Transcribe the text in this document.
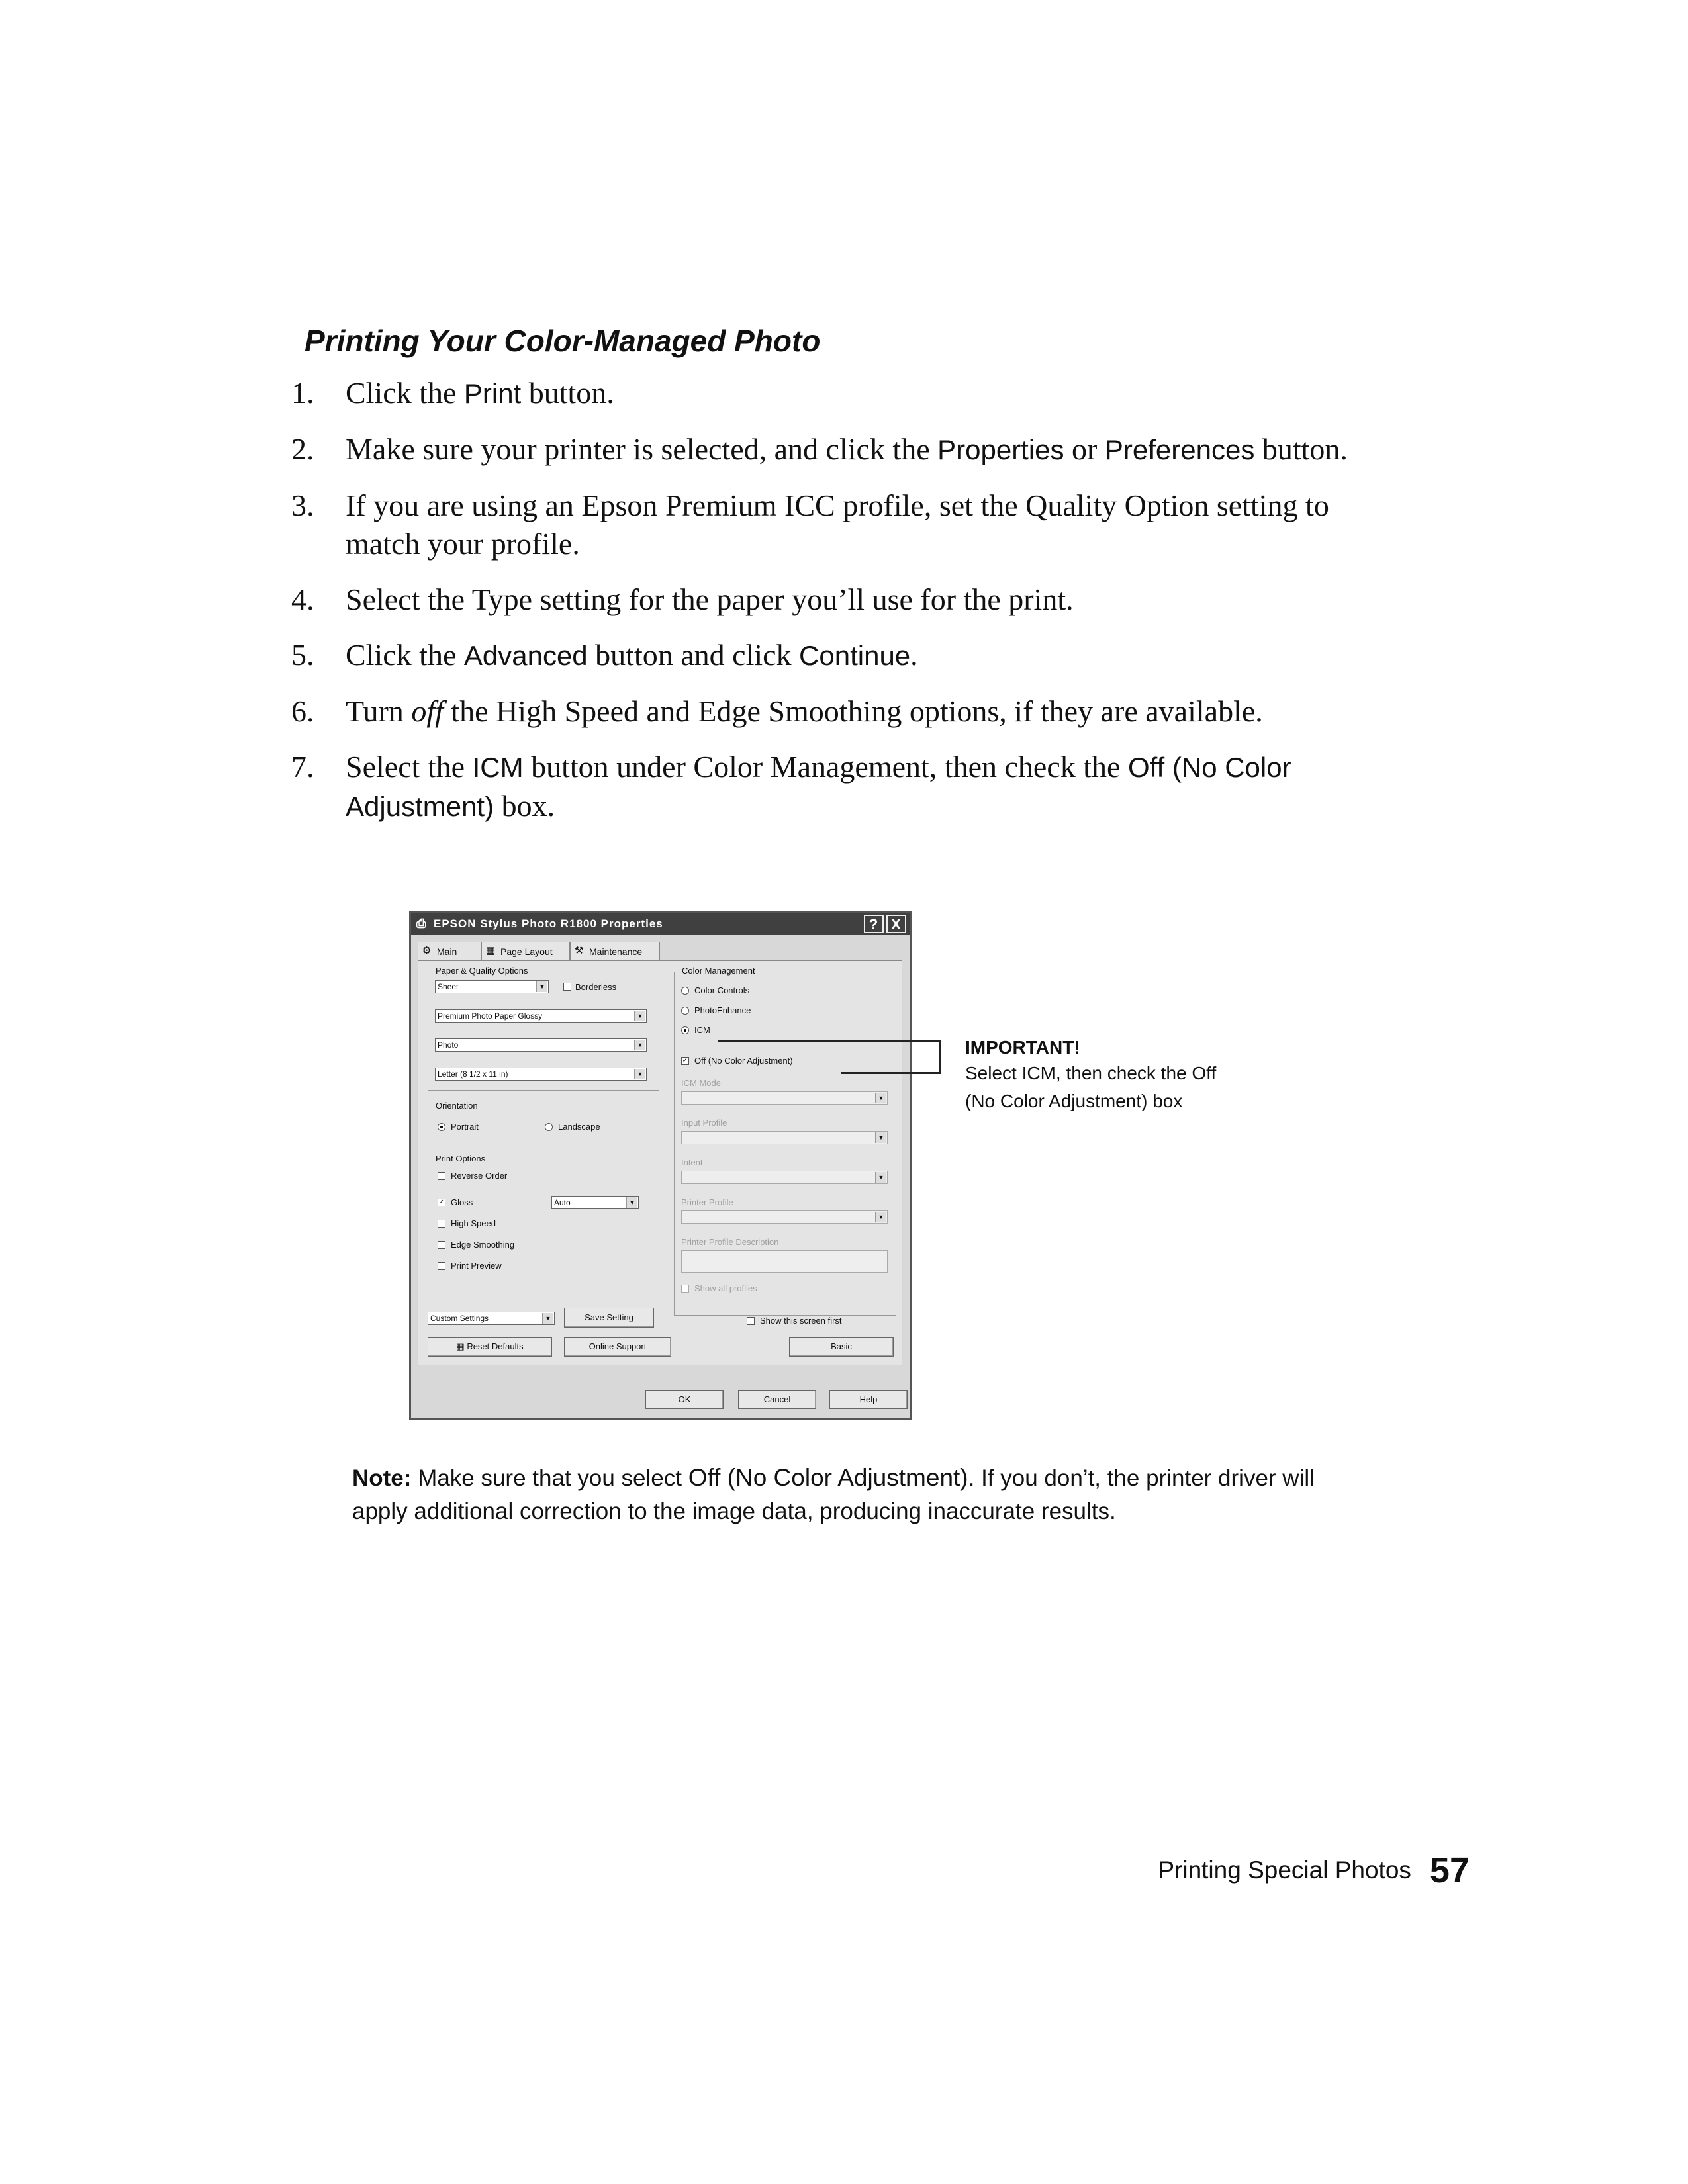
Printing Your Color-Managed Photo
1.	Click the Print button.
2.	Make sure your printer is selected, and click the Properties or Preferences button.
3.	If you are using an Epson Premium ICC profile, set the Quality Option setting to match your profile.
4.	Select the Type setting for the paper you’ll use for the print.
5.	Click the Advanced button and click Continue.
6.	Turn off the High Speed and Edge Smoothing options, if they are available.
7.	Select the ICM button under Color Management, then check the Off (No Color Adjustment) box.
⎙ EPSON Stylus Photo R1800 Properties	? X
⚙ Main	▦ Page Layout	⚒ Maintenance
Paper & Quality Options
Sheet	▼	Borderless
Premium Photo Paper Glossy	▼
Photo	▼
Letter (8 1/2 x 11 in)	▼
Orientation
Portrait	Landscape
Print Options
Reverse Order
✓ Gloss	Auto	▼
High Speed
Edge Smoothing
Print Preview
Custom Settings	▼	Save Setting
▦ Reset Defaults	Online Support
Color Management
Color Controls
PhotoEnhance
ICM
✓ Off (No Color Adjustment)
ICM Mode
▼
Input Profile
▼
Intent
▼
Printer Profile
▼
Printer Profile Description
Show all profiles
Show this screen first
Basic
OK	Cancel	Help
IMPORTANT!
Select ICM, then check the Off
(No Color Adjustment) box
Note: Make sure that you select Off (No Color Adjustment). If you don’t, the printer driver will apply additional correction to the image data, producing inaccurate results.
Printing Special Photos 57
